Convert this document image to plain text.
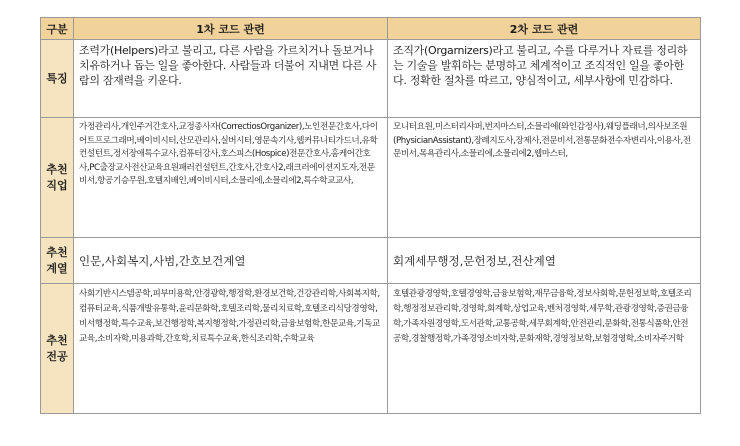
구분	1차 코드 관련	2차 코드 관련
특징	조력가(Helpers)라고 불리고, 다른 사람을 가르치거나 돌보거나 치유하거나 돕는 일을 좋아한다. 사람들과 더불어 지내면 다른 사람의 잠재력을 키운다.	조직가(Orgarnizers)라고 불리고, 수를 다루거나 자료를 정리하는 기술을 발휘하는 분명하고 체계적이고 조직적인 일을 좋아한다. 정확한 절차를 따르고, 양심적이고, 세부사항에 민감하다.
추천 직업	가정관리사,개인주거간호사,교정종사자(CorrectiosOrganizer),노인전문간호사,다이어트프로그래머,베이비시터,산모관리사,실버시터,영문속기사,웹커뮤니티가드너,유학컨설턴트,정서장애특수교사,컴퓨터강사,호스피스(Hospice)전문간호사,홈케어간호사,PC출장교사전산교육요원패러컨설턴트,간호사,간호사2,래크러에이션지도자,전문비서,항공기승무원,호텔지배인,베이비시터,소믈리에,소믈리에2,특수학교교사,	모니터요원,미스터리샤퍼,번지마스터,소믈리에(와인감정사),웨딩플래너,의사보조원(PhysicianAssistant),장례지도사,장제사,전문비서,전통문화전수자변리사,이용사,전문비서,목욕관리사,소믈리에,소믈리에2,웹마스터,
추천 계열	인문,사회복지,사범,간호보건계열	회계세무행정,문헌정보,전산계열
추천 전공	사회기반시스템공학,피부미용학,안경광학,행정학,환경보건학,건강관리학,사회복지학,컴퓨터교육,식품개발유통학,윤리문화학,호텔조리학,물리치료학,호텔조리식당경영학,비서행정학,특수교육,보건행정학,복지행정학,가정관리학,금융보험학,한문교육,기독교교육,소비자학,미용과학,간호학,치료특수교육,한식조리학,수학교육	호텔관광경영학,호텔경영학,금융보험학,재무금융학,정보사회학,문헌정보학,호텔조리학,행정정보관리학,경영학,회계학,상업교육,벤처경영학,세무학,관광경영학,증권금융학,가족자원경영학,도서관학,교통공학,세무회계학,안전관리,문화학,전통식품학,안전공학,경찰행정학,가족경영소비자학,문화재학,경영정보학,보험경영학,소비자주거학
